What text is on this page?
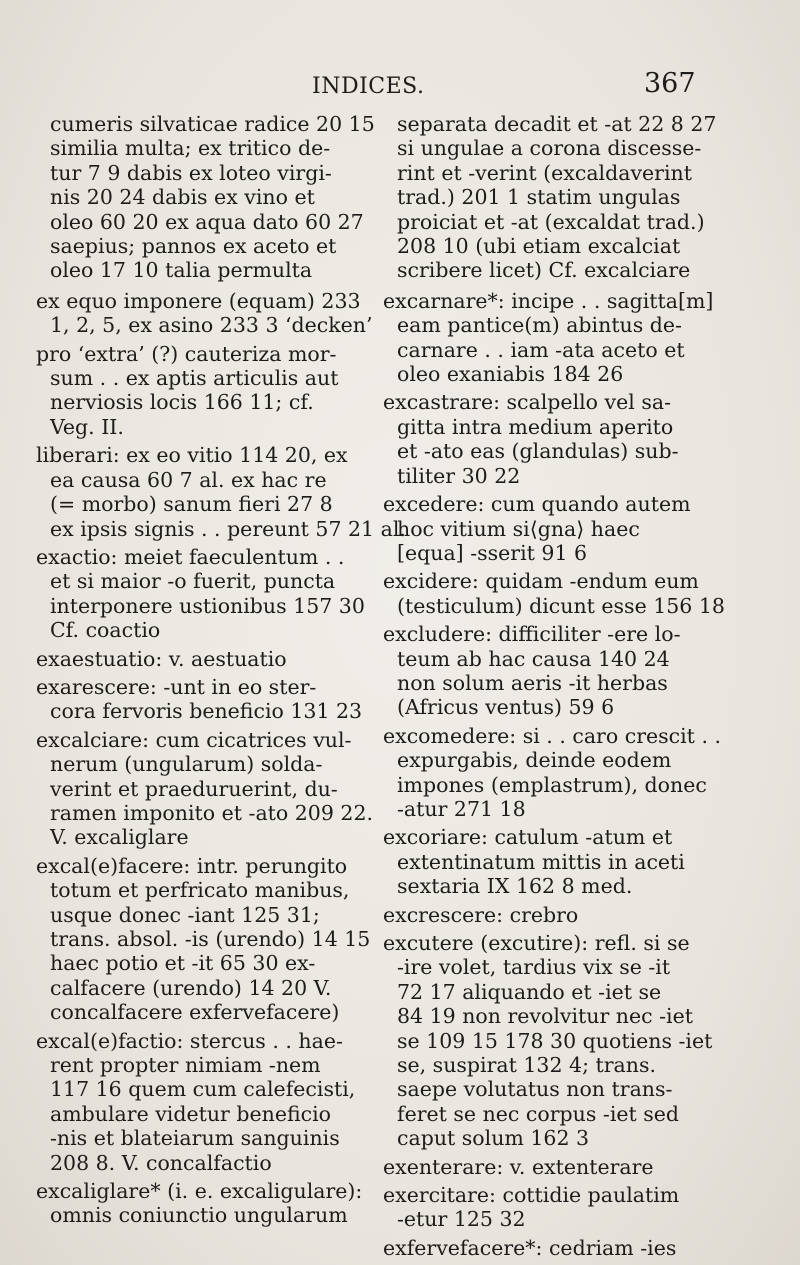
INDICES.	367
cumeris silvaticae radice 20 15
similia multa; ex tritico de-
tur 7 9 dabis ex loteo virgi-
nis 20 24 dabis ex vino et
oleo 60 20 ex aqua dato 60 27
saepius; pannos ex aceto et
oleo 17 10 talia permulta
ex equo imponere (equam) 233
1, 2, 5, ex asino 233 3 ‘decken’
pro ‘extra’ (?) cauteriza mor-
sum . . ex aptis articulis aut
nerviosis locis 166 11; cf.
Veg. II.
liberari: ex eo vitio 114 20, ex
ea causa 60 7 al. ex hac re
(= morbo) sanum fieri 27 8
ex ipsis signis . . pereunt 57 21 al.
exactio: meiet faeculentum . .
et si maior -o fuerit, puncta
interponere ustionibus 157 30
Cf. coactio
exaestuatio: v. aestuatio
exarescere: -unt in eo ster-
cora fervoris beneficio 131 23
excalciare: cum cicatrices vul-
nerum (ungularum) solda-
verint et praeduruerint, du-
ramen imponito et -ato 209 22.
V. excaliglare
excal(e)facere: intr. perungito
totum et perfricato manibus,
usque donec -iant 125 31;
trans. absol. -is (urendo) 14 15
haec potio et -it 65 30 ex-
calfacere (urendo) 14 20 V.
concalfacere exfervefacere)
excal(e)factio: stercus . . hae-
rent propter nimiam -nem
117 16 quem cum calefecisti,
ambulare videtur beneficio
-nis et blateiarum sanguinis
208 8. V. concalfactio
excaliglare* (i. e. excaligulare):
omnis coniunctio ungularum
separata decadit et -at 22 8 27
si ungulae a corona discesse-
rint et -verint (excaldaverint
trad.) 201 1 statim ungulas
proiciat et -at (excaldat trad.)
208 10 (ubi etiam excalciat
scribere licet) Cf. excalciare
excarnare*: incipe . . sagitta[m]
eam pantice(m) abintus de-
carnare . . iam -ata aceto et
oleo exaniabis 184 26
excastrare: scalpello vel sa-
gitta intra medium aperito
et -ato eas (glandulas) sub-
tiliter 30 22
excedere: cum quando autem
hoc vitium si⟨gna⟩ haec
[equa] -sserit 91 6
excidere: quidam -endum eum
(testiculum) dicunt esse 156 18
excludere: difficiliter -ere lo-
teum ab hac causa 140 24
non solum aeris -it herbas
(Africus ventus) 59 6
excomedere: si . . caro crescit . .
expurgabis, deinde eodem
impones (emplastrum), donec
-atur 271 18
excoriare: catulum -atum et
extentinatum mittis in aceti
sextaria IX 162 8 med.
excrescere: crebro
excutere (excutire): refl. si se
-ire volet, tardius vix se -it
72 17 aliquando et -iet se
84 19 non revolvitur nec -iet
se 109 15 178 30 quotiens -iet
se, suspirat 132 4; trans.
saepe volutatus non trans-
feret se nec corpus -iet sed
caput solum 162 3
exenterare: v. extenterare
exercitare: cottidie paulatim
-etur 125 32
exfervefacere*: cedriam -ies
